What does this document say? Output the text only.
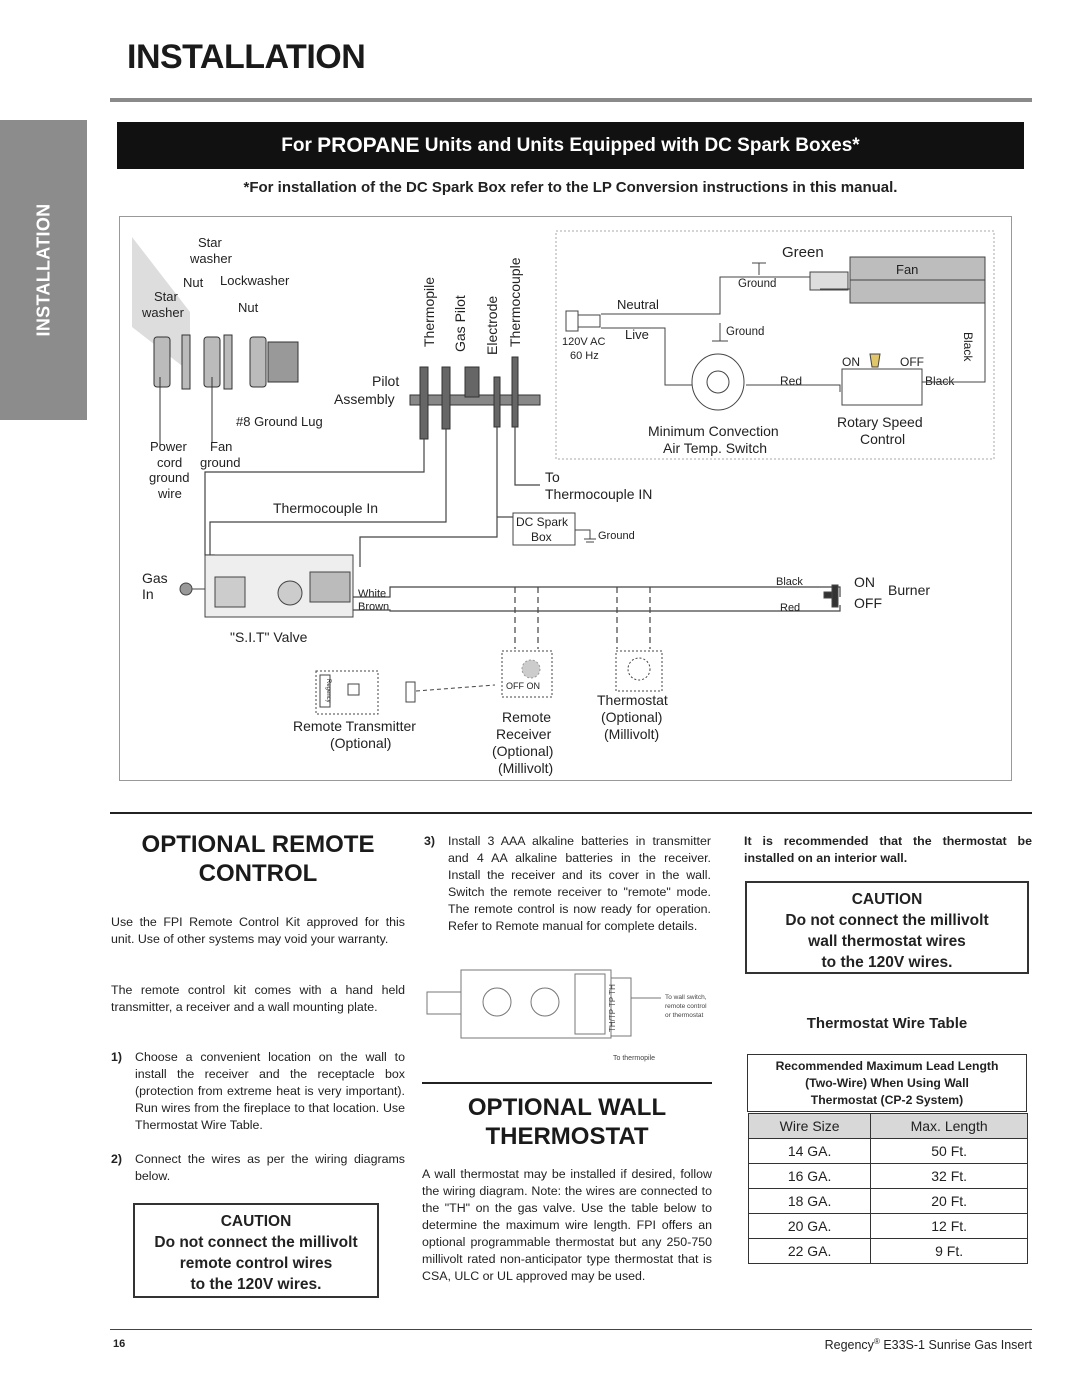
INSTALLATION
INSTALLATION
For PROPANE Units and Units Equipped with DC Spark Boxes*
*For installation of the DC Spark Box refer to the LP Conversion instructions in this manual.
Star
washer
Nut Lockwasher
Star
washer	Nut
#8 Ground Lug
Power
cord
ground
wire
Fan
ground
Thermopile Gas Pilot Electrode Thermocouple
Pilot
Assembly
Thermocouple In
To
Thermocouple IN
DC Spark
Box	Ground
Green
Fan
Ground
Neutral
Live
120V AC
60 Hz
Ground	Black
ON	OFF
Red	Black
Minimum Convection
Air Temp. Switch
Rotary Speed
Control
Gas
In
"S.I.T" Valve
White
Brown
Black
Red
ON
OFF
Burner
Regency
Remote Transmitter
(Optional)
OFF ON
Remote
Receiver
(Optional)
(Millivolt)
Thermostat
(Optional)
(Millivolt)
OPTIONAL REMOTE
CONTROL
Use the FPI Remote Control Kit approved for this unit. Use of other systems may void your warranty.
The remote control kit comes with a hand held transmitter, a receiver and a wall mounting plate.
1)	Choose a convenient location on the wall to install the receiver and the receptacle box (protection from extreme heat is very important). Run wires from the fireplace to that location. Use Thermostat Wire Table.
2)	Connect the wires as per the wiring diagrams below.
CAUTION
Do not connect the millivolt
remote control wires
to the 120V wires.
3)	Install 3 AAA alkaline batteries in transmitter and 4 AA alkaline batteries in the receiver. Install the receiver and its cover in the wall. Switch the remote receiver to "remote" mode. The remote control is now ready for operation. Refer to Remote manual for complete details.
TH/TP TP TH	To wall switch,
remote control
or thermostat
To thermopile
OPTIONAL WALL
THERMOSTAT
A wall thermostat may be installed if desired, follow the wiring diagram. Note: the wires are connected to the "TH" on the gas valve. Use the table below to determine the maximum wire length. FPI offers an optional programmable thermostat but any 250-750 millivolt rated non-anticipator type thermostat that is CSA, ULC or UL approved may be used.
It is recommended that the thermostat be installed on an interior wall.
CAUTION
Do not connect the millivolt
wall thermostat wires
to the 120V wires.
Thermostat Wire Table
Recommended Maximum Lead Length
(Two-Wire) When Using Wall
Thermostat (CP-2 System)
Wire Size	Max. Length
14 GA.	50 Ft.
16 GA.	32 Ft.
18 GA.	20 Ft.
20 GA.	12 Ft.
22 GA.	9 Ft.
16	Regency® E33S-1 Sunrise Gas Insert
